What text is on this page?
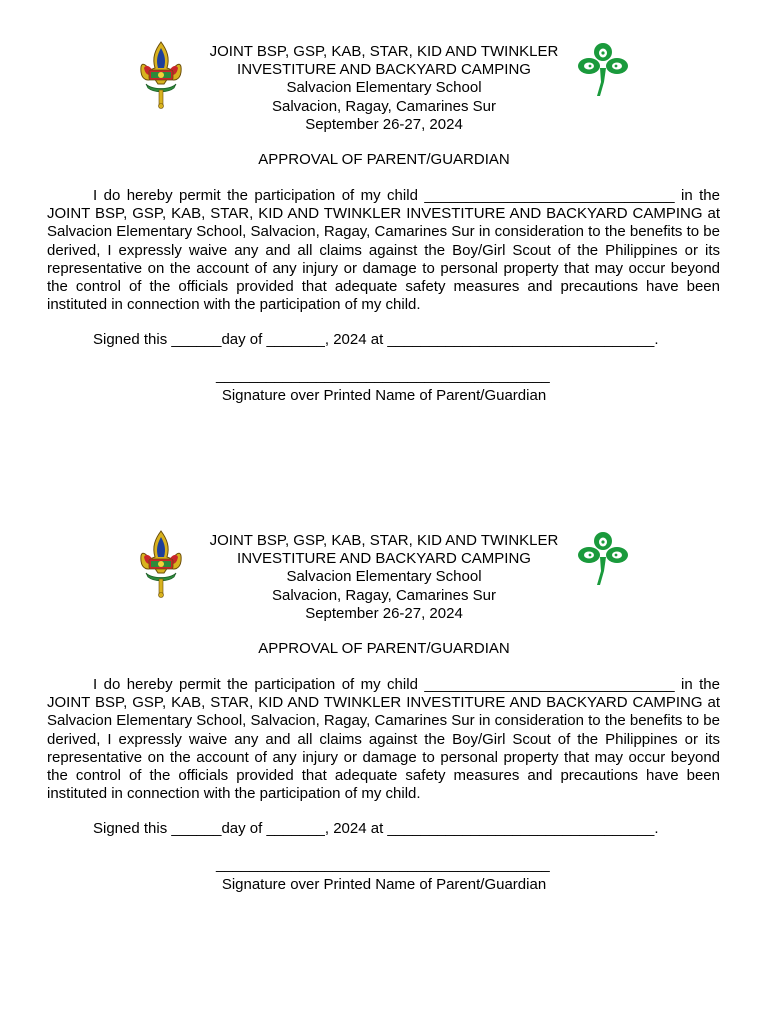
JOINT BSP, GSP, KAB, STAR, KID AND TWINKLER
INVESTITURE AND BACKYARD CAMPING
Salvacion Elementary School
Salvacion, Ragay, Camarines Sur
September 26-27, 2024
APPROVAL OF PARENT/GUARDIAN
I do hereby permit the participation of my child ______________________________ in the JOINT BSP, GSP, KAB, STAR, KID AND TWINKLER INVESTITURE AND BACKYARD CAMPING at Salvacion Elementary School, Salvacion, Ragay, Camarines Sur in consideration to the benefits to be derived, I expressly waive any and all claims against the Boy/Girl Scout of the Philippines or its representative on the account of any injury or damage to personal property that may occur beyond the control of the officials provided that adequate safety measures and precautions have been instituted in connection with the participation of my child.
Signed this ______day of _______, 2024 at ________________________________.
________________________________________
Signature over Printed Name of Parent/Guardian
JOINT BSP, GSP, KAB, STAR, KID AND TWINKLER
INVESTITURE AND BACKYARD CAMPING
Salvacion Elementary School
Salvacion, Ragay, Camarines Sur
September 26-27, 2024
APPROVAL OF PARENT/GUARDIAN
I do hereby permit the participation of my child ______________________________ in the JOINT BSP, GSP, KAB, STAR, KID AND TWINKLER INVESTITURE AND BACKYARD CAMPING at Salvacion Elementary School, Salvacion, Ragay, Camarines Sur in consideration to the benefits to be derived, I expressly waive any and all claims against the Boy/Girl Scout of the Philippines or its representative on the account of any injury or damage to personal property that may occur beyond the control of the officials provided that adequate safety measures and precautions have been instituted in connection with the participation of my child.
Signed this ______day of _______, 2024 at ________________________________.
________________________________________
Signature over Printed Name of Parent/Guardian
